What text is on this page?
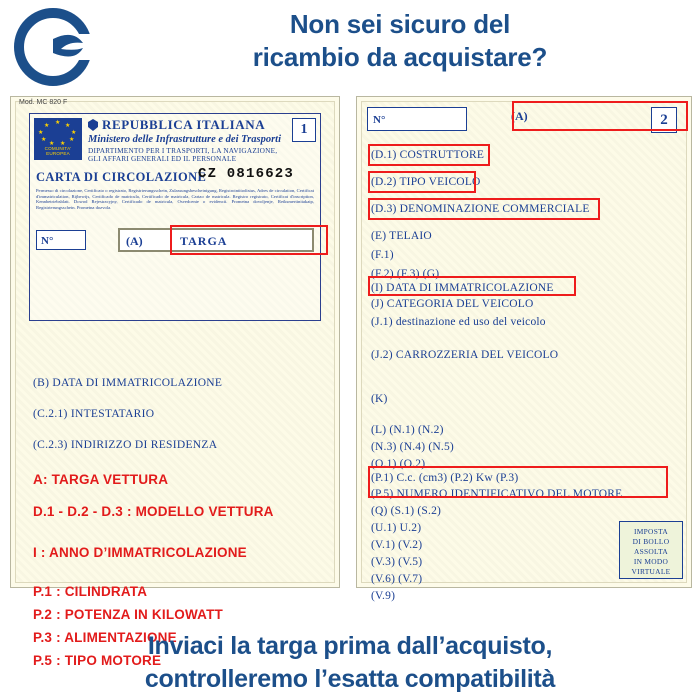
Non sei sicuro del
ricambio da acquistare?
Mod. MC 820 F
★ ★
★
★
★
★
★
★
★
COMUNITA'
EUROPEA
REPUBBLICA ITALIANA
Ministero delle Infrastrutture e dei Trasporti
DIPARTIMENTO PER I TRASPORTI, LA NAVIGAZIONE,
GLI AFFARI GENERALI ED IL PERSONALE
1
CARTA DI CIRCOLAZIONE
CZ 0816623
Permesso di circolazione, Certificato o registrato, Registrierungsschein, Zulassungsbescheinigung, Registrointitodistus, Adres de circulation, Certificat d'immatriculation, Rijbewijs, Certificado de matricula, Certificado de matricula, Cartao de matricula. Registro registrato, Certificat d'inscription, Kennbetriebsblatt. Dowod Rejestracyjny, Certificado de matricula, Osvedcenie o evidencii. Prometna dovoljenje, Reiksmertinitakaip, Registrierungsschein. Prometna dozvola.
N°	(A)	TARGA
(B) DATA DI IMMATRICOLAZIONE
(C.2.1) INTESTATARIO
(C.2.3) INDIRIZZO DI RESIDENZA
A: TARGA VETTURA
D.1 - D.2 - D.3 : MODELLO VETTURA
I : ANNO D’IMMATRICOLAZIONE
P.1 : CILINDRATA
P.2 : POTENZA IN KILOWATT
P.3 : ALIMENTAZIONE
P.5 : TIPO MOTORE
N°	(A)	2
(D.1) COSTRUTTORE
(D.2) TIPO VEICOLO
(D.3) DENOMINAZIONE COMMERCIALE
(E) TELAIO
(F.1)
(F.2) (F.3) (G)
(I) DATA DI IMMATRICOLAZIONE
(J) CATEGORIA DEL VEICOLO
(J.1) destinazione ed uso del veicolo
(J.2) CARROZZERIA DEL VEICOLO
(K)
(L) (N.1) (N.2)
(N.3) (N.4) (N.5)
(O.1) (O.2)
(P.1) C.c. (cm3) (P.2) Kw (P.3)
(P.5) NUMERO IDENTIFICATIVO DEL MOTORE
(Q) (S.1) (S.2)
(U.1) U.2)
(V.1) (V.2)
(V.3) (V.5)
(V.6) (V.7)
(V.9)
IMPOSTA
DI BOLLO
ASSOLTA
IN MODO
VIRTUALE
Inviaci la targa prima dall’acquisto,
controlleremo l’esatta compatibilità
